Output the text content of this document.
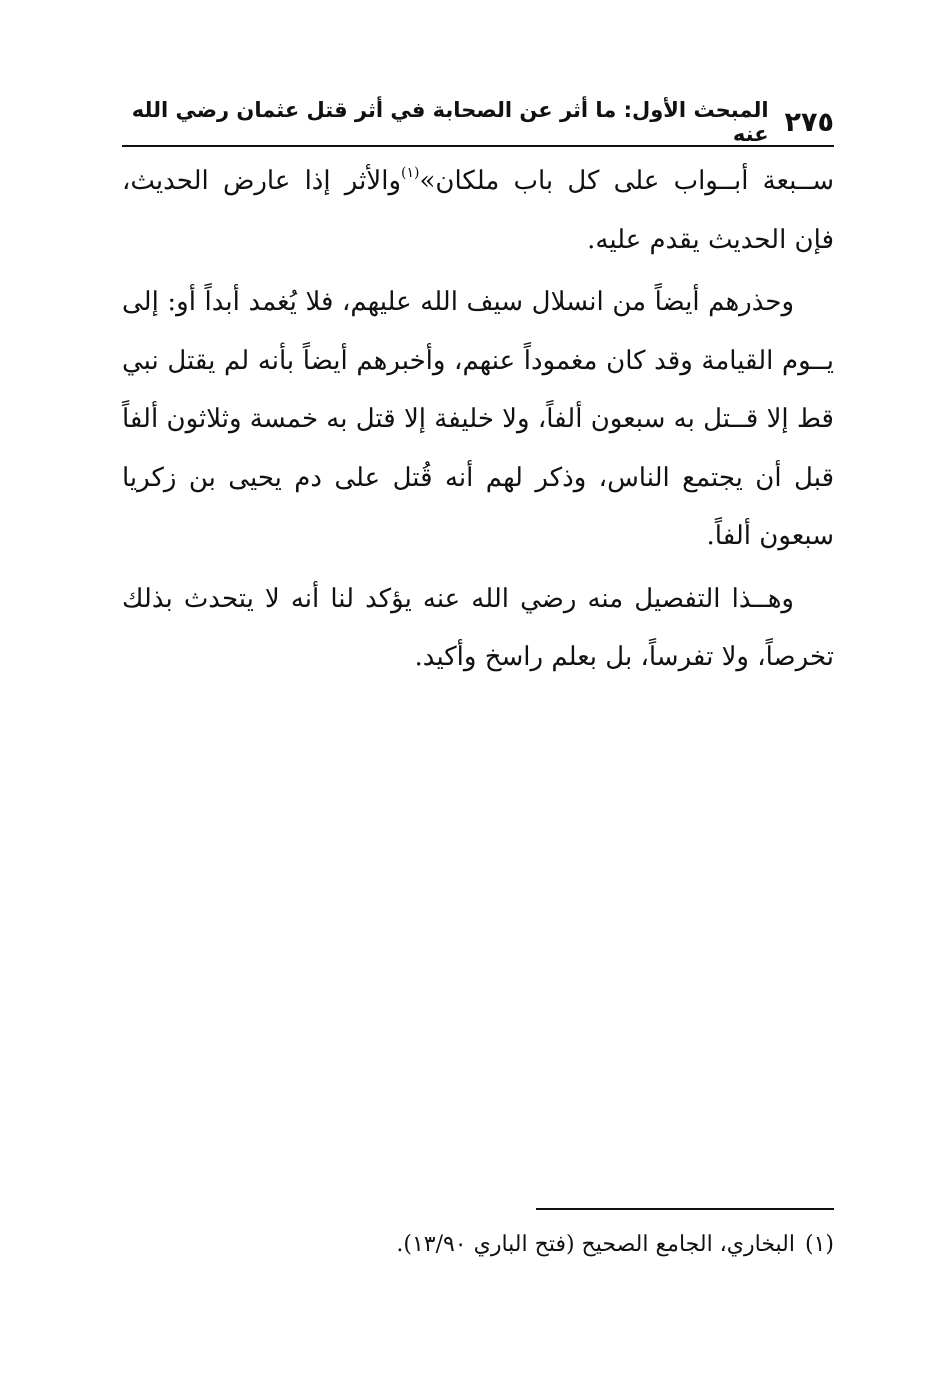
٢٧٥
المبحث الأول: ما أثر عن الصحابة في أثر قتل عثمان رضي الله عنه

ســبعة أبــواب على كل باب ملكان»$^{(١)}$والأثر إذا عارض الحديث، فإن الحديث يقدم عليه.

وحذرهم أيضاً من انسلال سيف الله عليهم، فلا يُغمد أبداً أو: إلى يــوم القيامة وقد كان مغموداً عنهم، وأخبرهم أيضاً بأنه لم يقتل نبي قط إلا قــتل به سبعون ألفاً، ولا خليفة إلا قتل به خمسة وثلاثون ألفاً قبل أن يجتمع الناس، وذكر لهم أنه قُتل على دم يحيى بن زكريا سبعون ألفاً.

وهــذا التفصيل منه رضي الله عنه يؤكد لنا أنه لا يتحدث بذلك تخرصاً، ولا تفرساً، بل بعلم راسخ وأكيد.

(١)البخاري، الجامع الصحيح (فتح الباري ١٣/٩٠).
